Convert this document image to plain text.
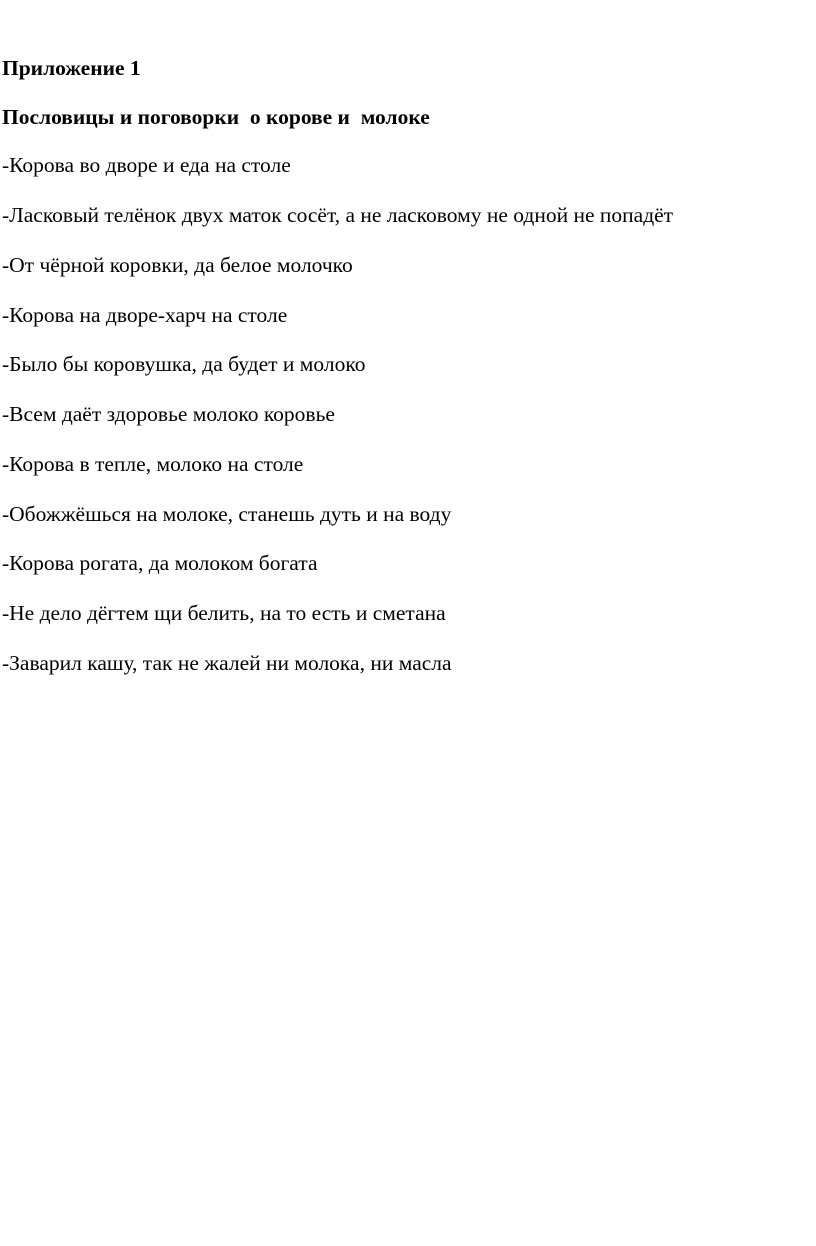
Приложение 1
Пословицы и поговорки  о корове и  молоке
-Корова во дворе и еда на столе
-Ласковый телёнок двух маток сосёт, а не ласковому не одной не попадёт
-От чёрной коровки, да белое молочко
-Корова на дворе-харч на столе
-Было бы коровушка, да будет и молоко
-Всем даёт здоровье молоко коровье
-Корова в тепле, молоко на столе
-Обожжёшься на молоке, станешь дуть и на воду
-Корова рогата, да молоком богата
-Не дело дёгтем щи белить, на то есть и сметана
-Заварил кашу, так не жалей ни молока, ни масла
